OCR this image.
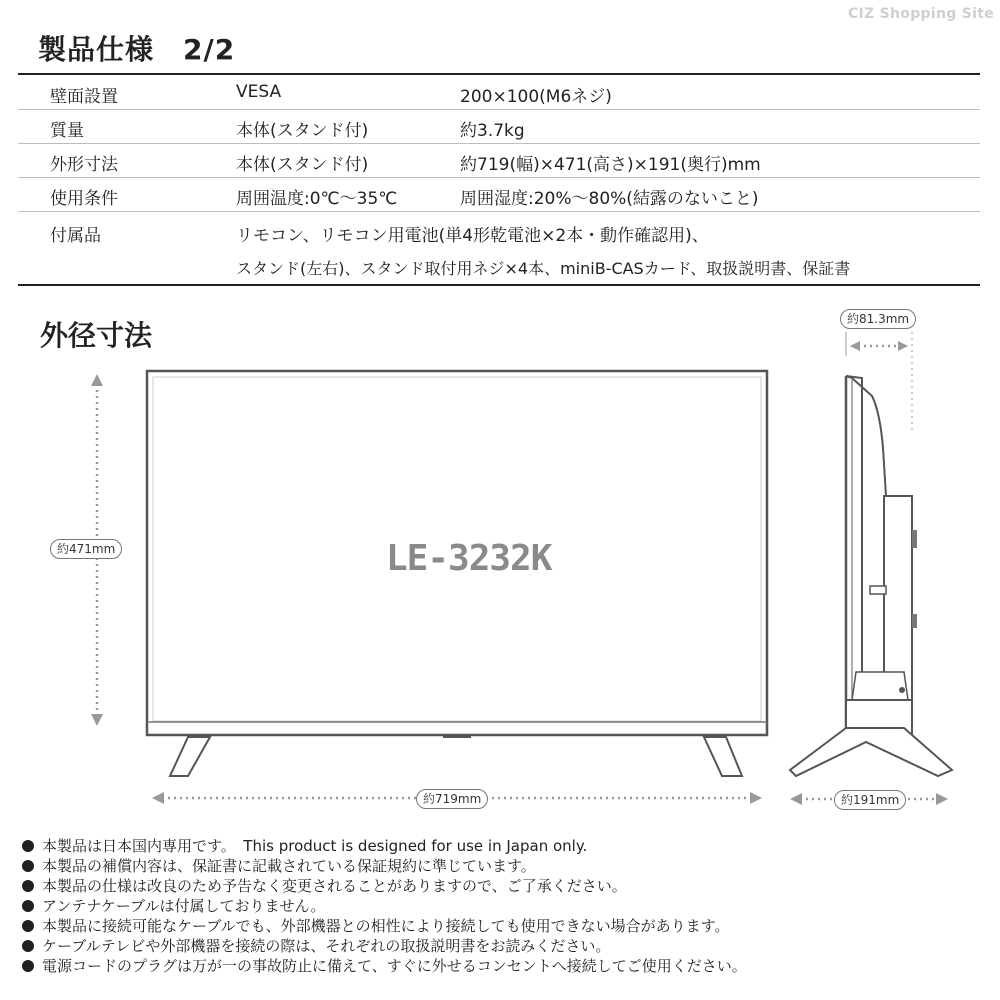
CIZ Shopping Site
製品仕様　2/2
壁面設置	VESA	200×100(M6ネジ)
質量	本体(スタンド付)	約3.7kg
外形寸法	本体(スタンド付)	約719(幅)×471(高さ)×191(奥行)mm
使用条件	周囲温度:0℃〜35℃	周囲湿度:20%〜80%(結露のないこと)
付属品	リモコン、リモコン用電池(単4形乾電池×2本・動作確認用)、
スタンド(左右)、スタンド取付用ネジ×4本、miniB-CASカード、取扱説明書、保証書
外径寸法
LE-3232K
約471mm
約719mm	約191mm
約81.3mm
本製品は日本国内専用です。　This product is designed for use in Japan only.
本製品の補償内容は、保証書に記載されている保証規約に準じています。
本製品の仕様は改良のため予告なく変更されることがありますので、ご了承ください。
アンテナケーブルは付属しておりません。
本製品に接続可能なケーブルでも、外部機器との相性により接続しても使用できない場合があります。
ケーブルテレビや外部機器を接続の際は、それぞれの取扱説明書をお読みください。
電源コードのプラグは万が一の事故防止に備えて、すぐに外せるコンセントへ接続してご使用ください。
